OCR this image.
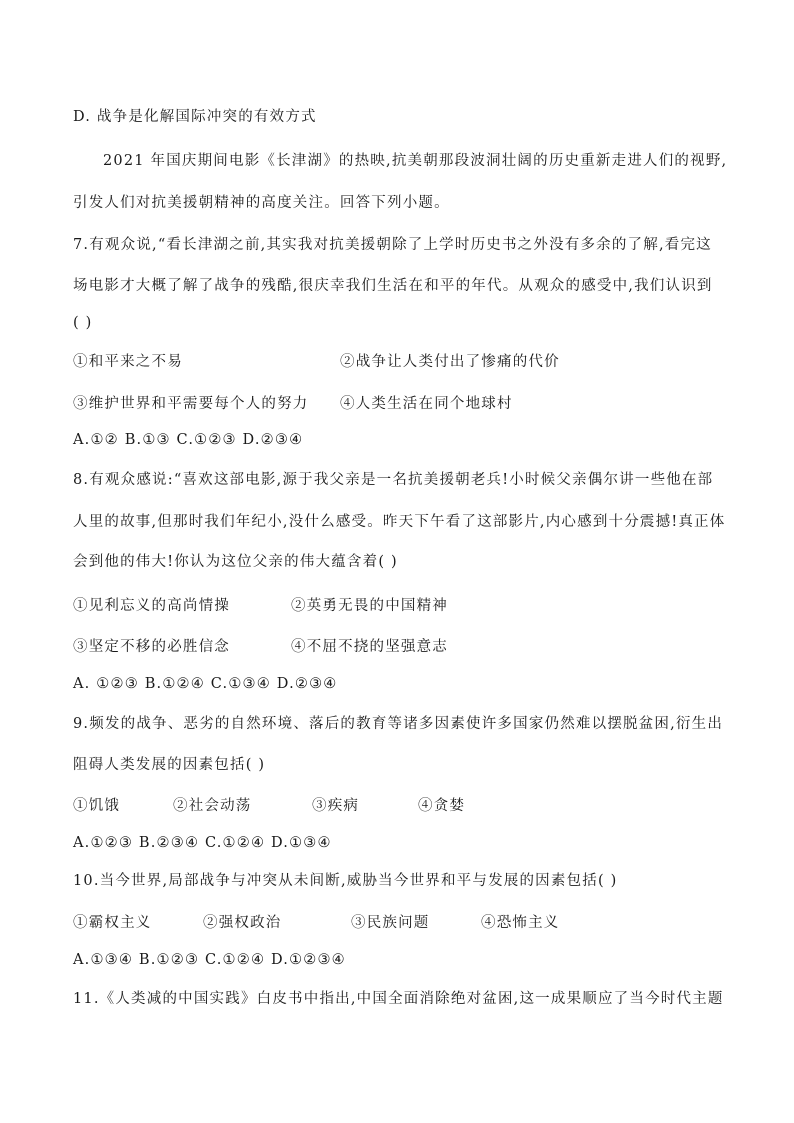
D. 战争是化解国际冲突的有效方式
2021 年国庆期间电影《长津湖》的热映,抗美朝那段波洞壮阔的历史重新走进人们的视野,
引发人们对抗美援朝精神的高度关注。回答下列小题。
7.有观众说,“看长津湖之前,其实我对抗美援朝除了上学时历史书之外没有多余的了解,看完这
场电影才大概了解了战争的残酷,很庆幸我们生活在和平的年代。从观众的感受中,我们认识到
( )
①和平来之不易	②战争让人类付出了惨痛的代价
③维护世界和平需要每个人的努力 ④人类生活在同个地球村
A.①② B.①③ C.①②③ D.②③④
8.有观众感说:“喜欢这部电影,源于我父亲是一名抗美援朝老兵!小时候父亲偶尔讲一些他在部
人里的故事,但那时我们年纪小,没什么感受。昨天下午看了这部影片,内心感到十分震撼!真正体
会到他的伟大!你认为这位父亲的伟大蕴含着( )
①见利忘义的高尚情操	②英勇无畏的中国精神
③坚定不移的必胜信念	④不屈不挠的坚强意志
A. ①②③ B.①②④ C.①③④ D.②③④
9.频发的战争、恶劣的自然环境、落后的教育等诸多因素使许多国家仍然难以摆脱盆困,衍生出
阻碍人类发展的因素包括( )
①饥饿	②社会动荡	③疾病	④贪婪
A.①②③ B.②③④ C.①②④ D.①③④
10.当今世界,局部战争与冲突从未间断,威胁当今世界和平与发展的因素包括( )
①霸权主义	②强权政治	③民族问题	④恐怖主义
A.①③④ B.①②③ C.①②④ D.①②③④
11.《人类减的中国实践》白皮书中指出,中国全面消除绝对盆困,这一成果顺应了当今时代主题
